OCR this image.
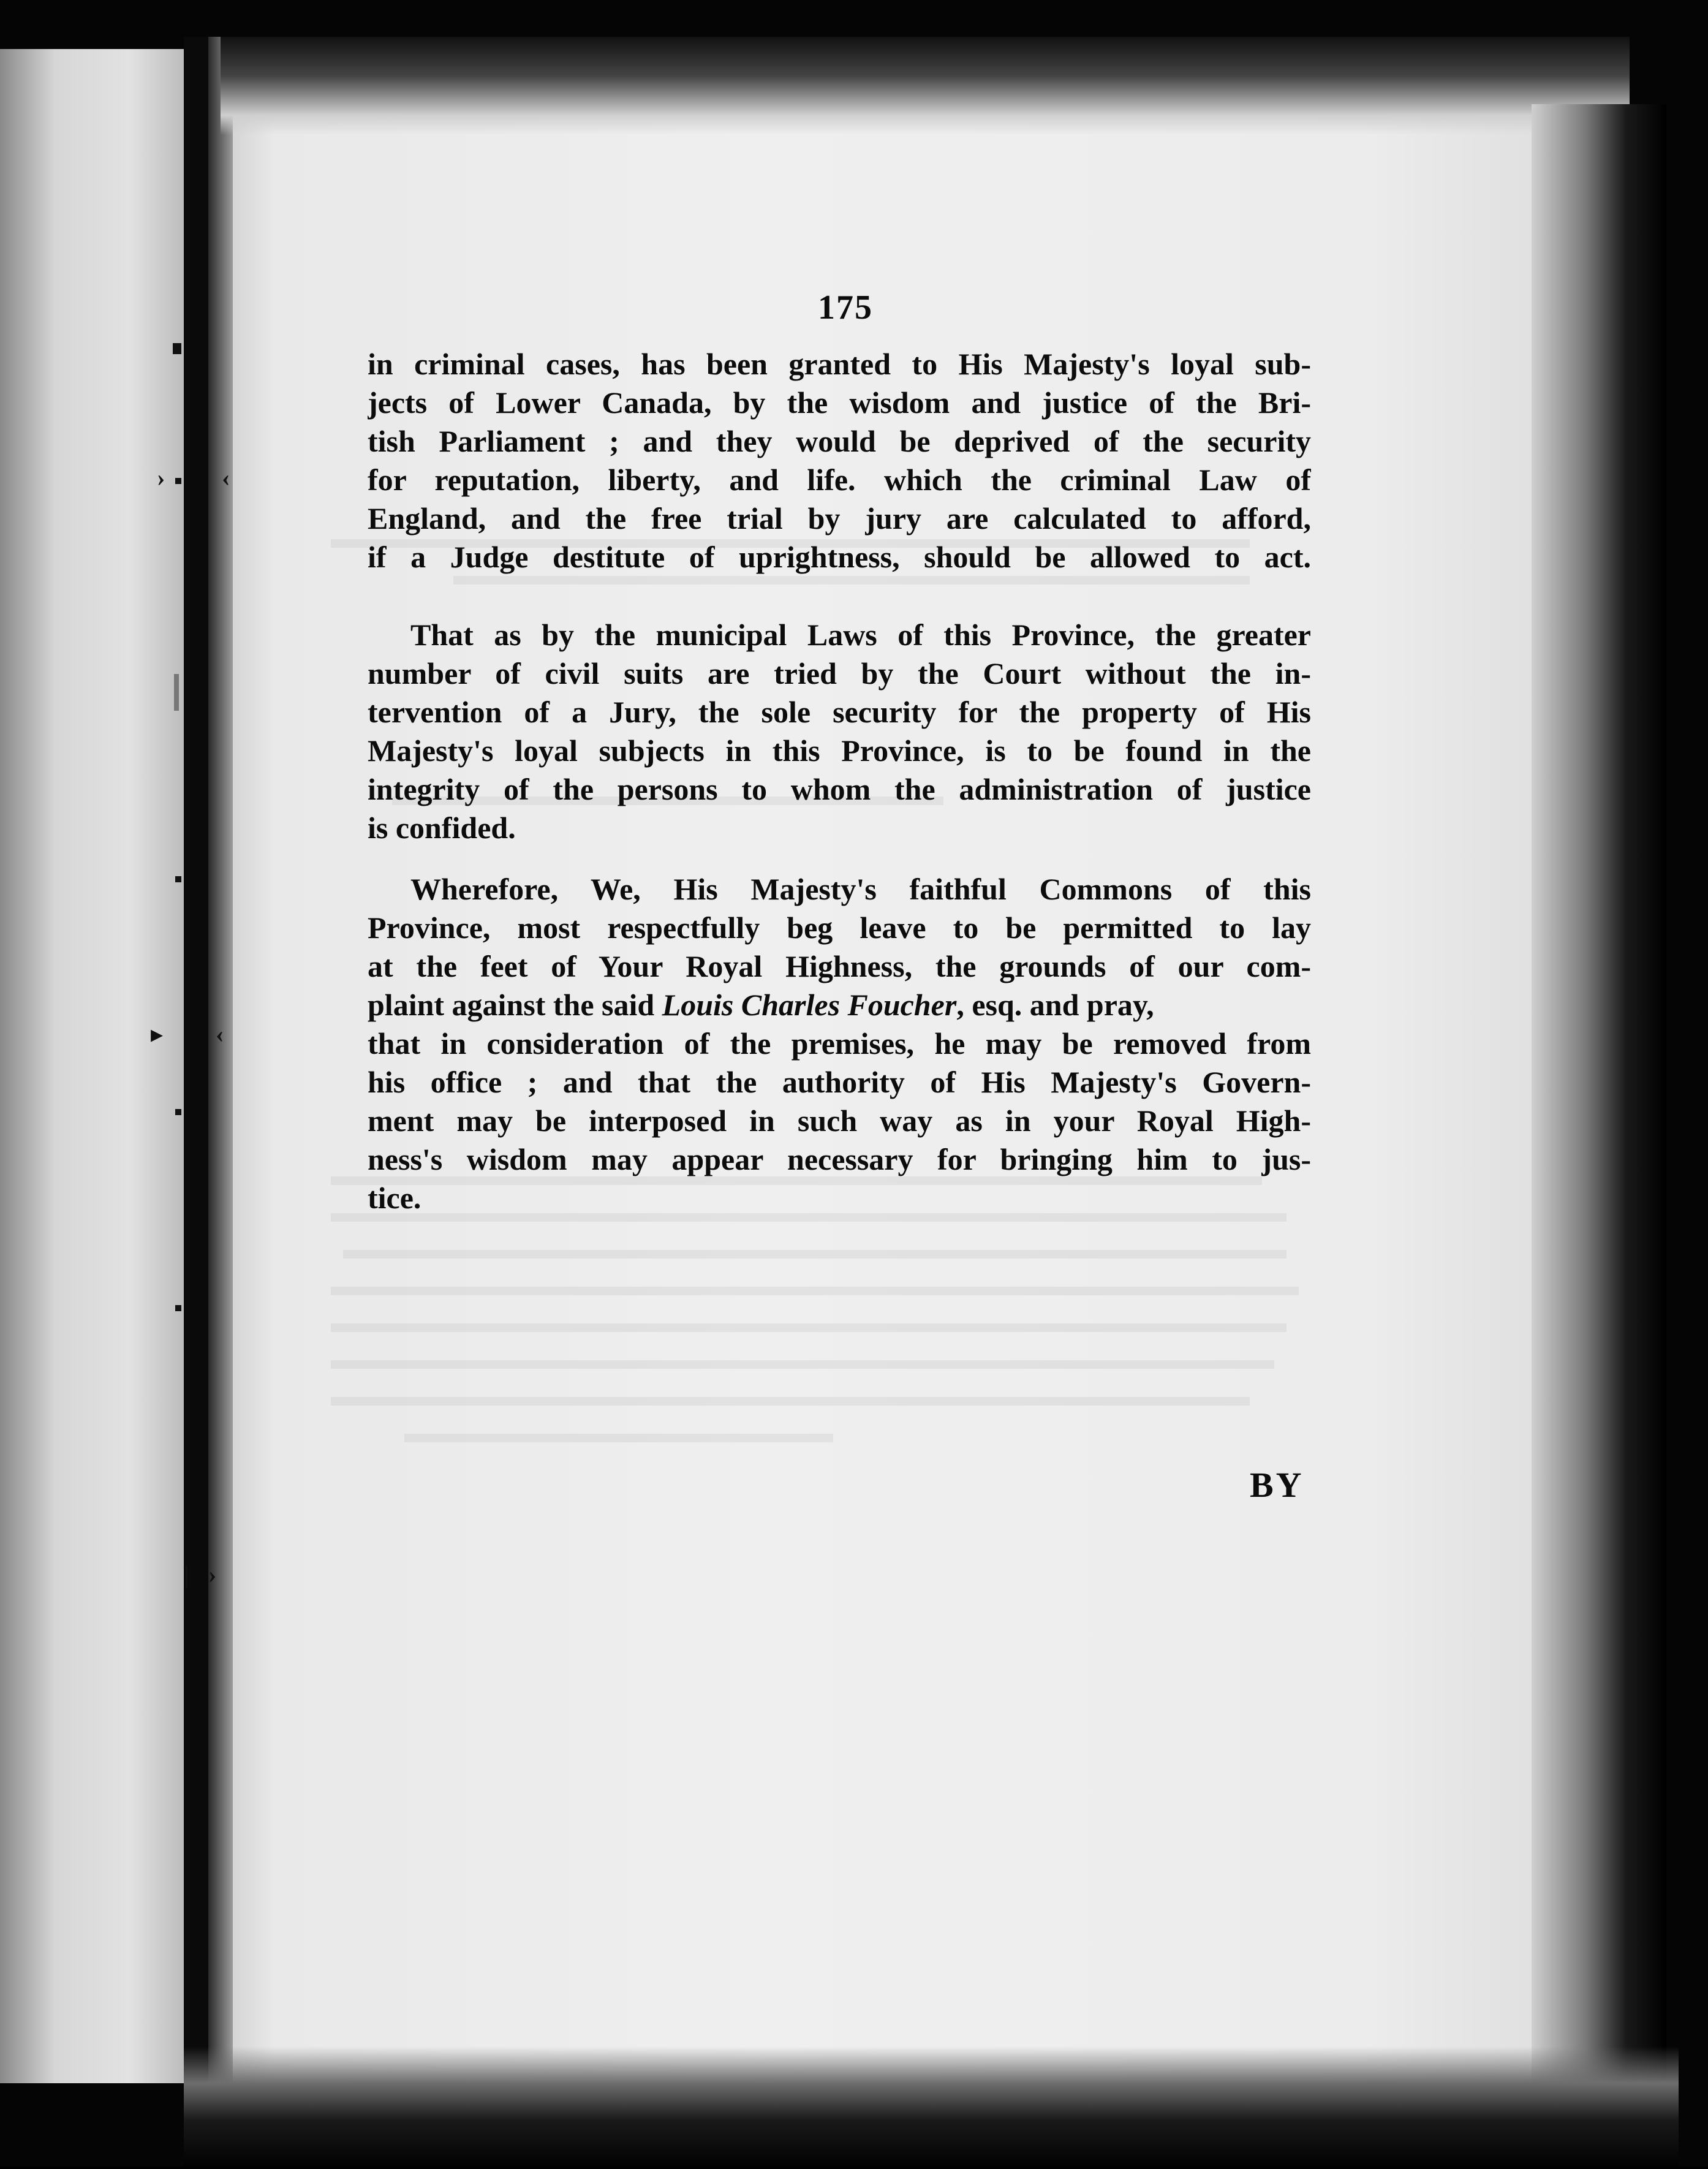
› ‹
▸ ‹
| ›
175
in criminal cases, has been granted to His Majesty's loyal sub-
jects of Lower Canada, by the wisdom and justice of the Bri-
tish Parliament ; and they would be deprived of the security
for reputation, liberty, and life. which the criminal Law of
England, and the free trial by jury are calculated to afford,
if a Judge destitute of uprightness, should be allowed to act.
That as by the municipal Laws of this Province, the greater
number of civil suits are tried by the Court without the in-
tervention of a Jury, the sole security for the property of His
Majesty's loyal subjects in this Province, is to be found in the
integrity of the persons to whom the administration of justice
is confided.
Wherefore, We, His Majesty's faithful Commons of this
Province, most respectfully beg leave to be permitted to lay
at the feet of Your Royal Highness, the grounds of our com-
plaint against the said Louis Charles Foucher, esq. and pray,
that in consideration of the premises, he may be removed from
his office ; and that the authority of His Majesty's Govern-
ment may be interposed in such way as in your Royal High-
ness's wisdom may appear necessary for bringing him to jus-
tice.
BY
